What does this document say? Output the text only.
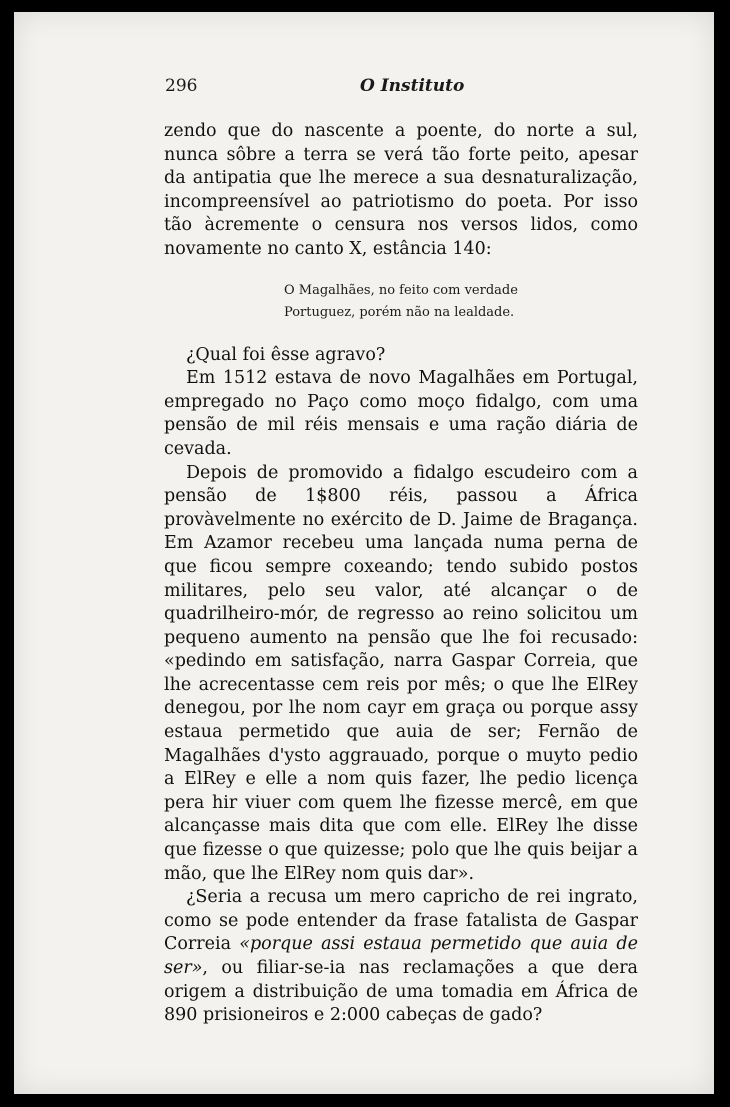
296	O Instituto

zendo que do nascente a poente, do norte a sul, nunca sôbre a terra se verá tão forte peito, apesar da antipatia que lhe merece a sua desnaturalização, incompreensível ao patriotismo do poeta. Por isso tão àcremente o censura nos versos lidos, como novamente no canto X, estância 140:

O Magalhães, no feito com verdade
Portuguez, porém não na lealdade.

¿Qual foi êsse agravo?

Em 1512 estava de novo Magalhães em Portugal, empregado no Paço como moço fidalgo, com uma pensão de mil réis mensais e uma ração diária de cevada.

Depois de promovido a fidalgo escudeiro com a pensão de 1$800 réis, passou a África provàvelmente no exército de D. Jaime de Bragança. Em Azamor recebeu uma lançada numa perna de que ficou sempre coxeando; tendo subido postos militares, pelo seu valor, até alcançar o de quadrilheiro-mór, de regresso ao reino solicitou um pequeno aumento na pensão que lhe foi recusado: «pedindo em satisfação, narra Gaspar Correia, que lhe acrecentasse cem reis por mês; o que lhe ElRey denegou, por lhe nom cayr em graça ou porque assy estaua permetido que auia de ser; Fernão de Magalhães d'ysto aggrauado, porque o muyto pedio a ElRey e elle a nom quis fazer, lhe pedio licença pera hir viuer com quem lhe fizesse mercê, em que alcançasse mais dita que com elle. ElRey lhe disse que fizesse o que quizesse; polo que lhe quis beijar a mão, que lhe ElRey nom quis dar».

¿Seria a recusa um mero capricho de rei ingrato, como se pode entender da frase fatalista de Gaspar Correia «porque assi estaua permetido que auia de ser», ou filiar-se-ia nas reclamações a que dera origem a distribuição de uma tomadia em África de 890 prisioneiros e 2:000 cabeças de gado?
